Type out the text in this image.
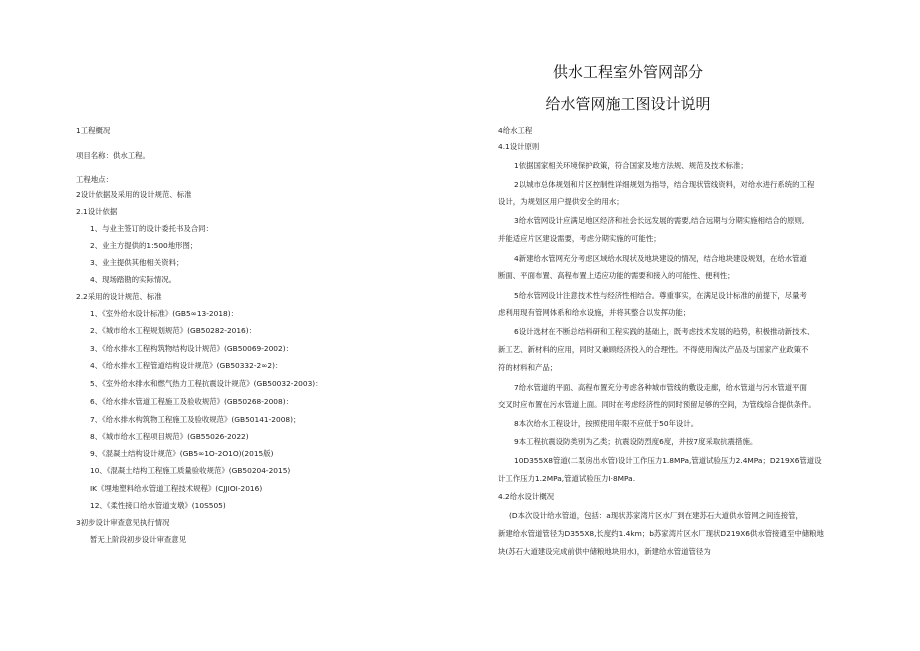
供水工程室外管网部分
给水管网施工图设计说明
1工程概况
项目名称：供水工程。
工程地点：
2设计依据及采用的设计规范、标准
2.1设计依据
1、与业主签订的设计委托书及合同：
2、业主方提供的1:500地形图；
3、业主提供其他相关资料；
4、现场踏勘的实际情况。
2.2采用的设计规范、标准
1、《室外给水设计标准》(GB5∞13-2018)：
2、《城市给水工程规划规范》(GB50282-2016)：
3、《给水排水工程构筑物结构设计规范》(GB50069-2002)：
4、《给水排水工程管道结构设计规范》(GB50332-2∞2)：
5、《室外给水排水和燃气热力工程抗震设计规范》(GB50032-2003)：
6、《给水排水管道工程施工及验收规范》(GB50268-2008)：
7、《给水排水构筑物工程施工及验收规范》(GB50141-2008)；
8、《城市给水工程项目规范》(GB55026-2022)
9、《混凝土结构设计规范》(GB5∞1O-2O1O)(2015版)
10、《混凝土结构工程施工质量验收规范》(GB50204-2015)
IK《埋地塑料给水管道工程技术规程》(CJJIOI-2016)
12、《柔性接口给水管道支墩》(10S505)
3初步设计审查意见执行情况
暂无上阶段初步设计审查意见
4给水工程
4.1设计原则
1依据国家相关环境保护政策，符合国家及地方法规、规范及技术标准；
2以城市总体规划和片区控制性详细规划为指导，结合现状管线资料，对给水进行系统的工程
设计，为规划区用户提供安全的用水；
3给水管网设计应满足地区经济和社会长远发展的需要,结合远期与分期实施相结合的原则,
并能适应片区建设需要，考虑分期实施的可能性；
4新建给水管网充分考虑区域给水现状及地块建设的情况，结合地块建设规划，在给水管道
断面、平面布置、高程布置上适应功能的需要和接入的可能性、便利性；
5给水管网设计注意技术性与经济性相结合。尊重事实，在满足设计标准的前提下，尽量考
虑利用现有管网体系和给水设施，并将其整合以发挥功能；
6设计选材在不断总结科研和工程实践的基础上，既考虑技术发展的趋势，积极推动新技术、
新工艺、新材料的应用，同时又兼顾经济投入的合理性。不得使用淘汰产品及与国家产业政策不
符的材料和产品；
7给水管道的平面、高程布置充分考虑各种城市管线的敷设走廊，给水管道与污水管道平面
交叉时应布置在污水管道上面。同时在考虑经济性的同时预留足够的空间，为管线综合提供条件。
8本次给水工程设计，按照使用年限不应低于50年设计。
9本工程抗震设防类别为乙类；抗震设防烈度6度，并按7度采取抗震措施。
10D355X8管道(二泵房出水管)设计工作压力1.8MPa,管道试验压力2.4MPa；D219X6管道设
计工作压力1.2MPa,管道试验压力I·8MPa.
4.2给水设计概况
(D本次设计给水管道，包括：a现状苏家湾片区水厂到在建苏石大道供水管网之间连接管，
新建给水管道管径为D355X8,长度约1.4km；b苏家湾片区水厂现状D219X6供水管接通至中储粮地
块(苏石大道建设完成前供中储粮地块用水)，新建给水管道管径为
